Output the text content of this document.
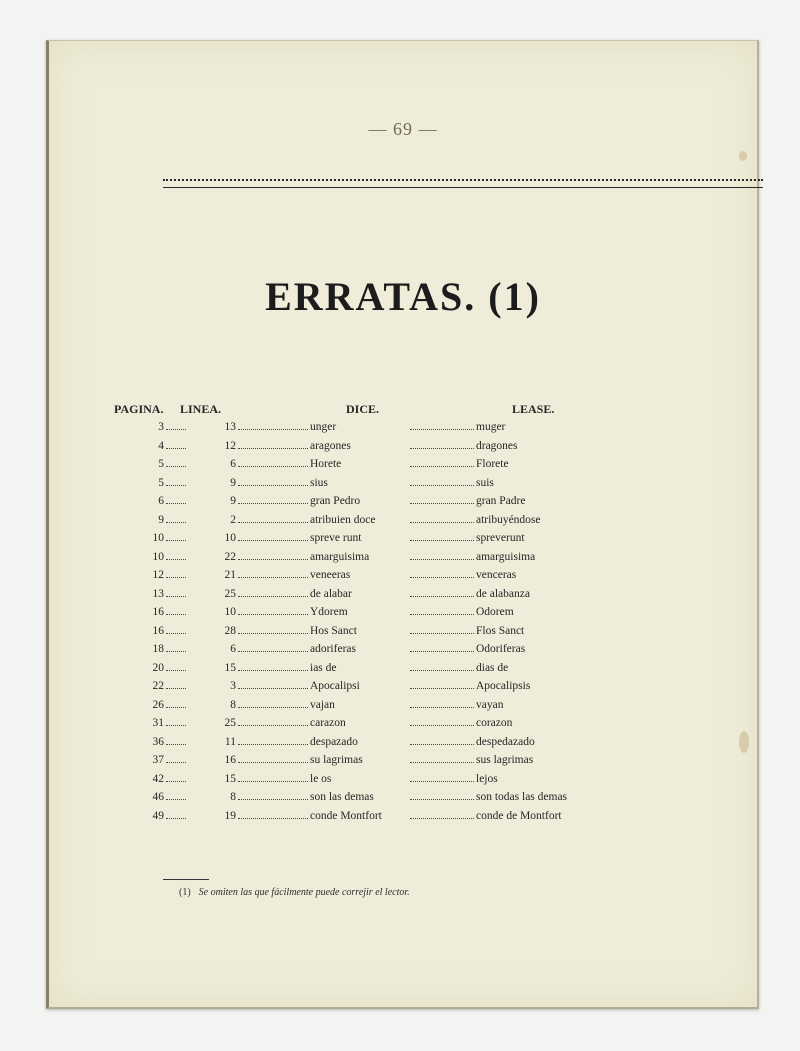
— 69 —
ERRATAS. (1)
(1) Se omiten las que fácilmente puede correjir el lector.
PAGINA. LINEA.	DICE.	LEASE.
3	13	unger	muger
4	12	aragones	dragones
5	6	Horete	Florete
5	9	sius	suis
6	9	gran Pedro	gran Padre
9	2	atribuien doce	atribuyéndose
10	10	spreve runt	spreverunt
10	22	amarguisima	amarguisima
12	21	veneeras	venceras
13	25	de alabar	de alabanza
16	10	Ydorem	Odorem
16	28	Hos Sanct	Flos Sanct
18	6	adoriferas	Odoriferas
20	15	ias de	dias de
22	3	Apocalipsi	Apocalipsis
26	8	vajan	vayan
31	25	carazon	corazon
36	11	despazado	despedazado
37	16	su lagrimas	sus lagrimas
42	15	le os	lejos
46	8	son las demas	son todas las demas
49	19	conde Montfort	conde de Montfort
